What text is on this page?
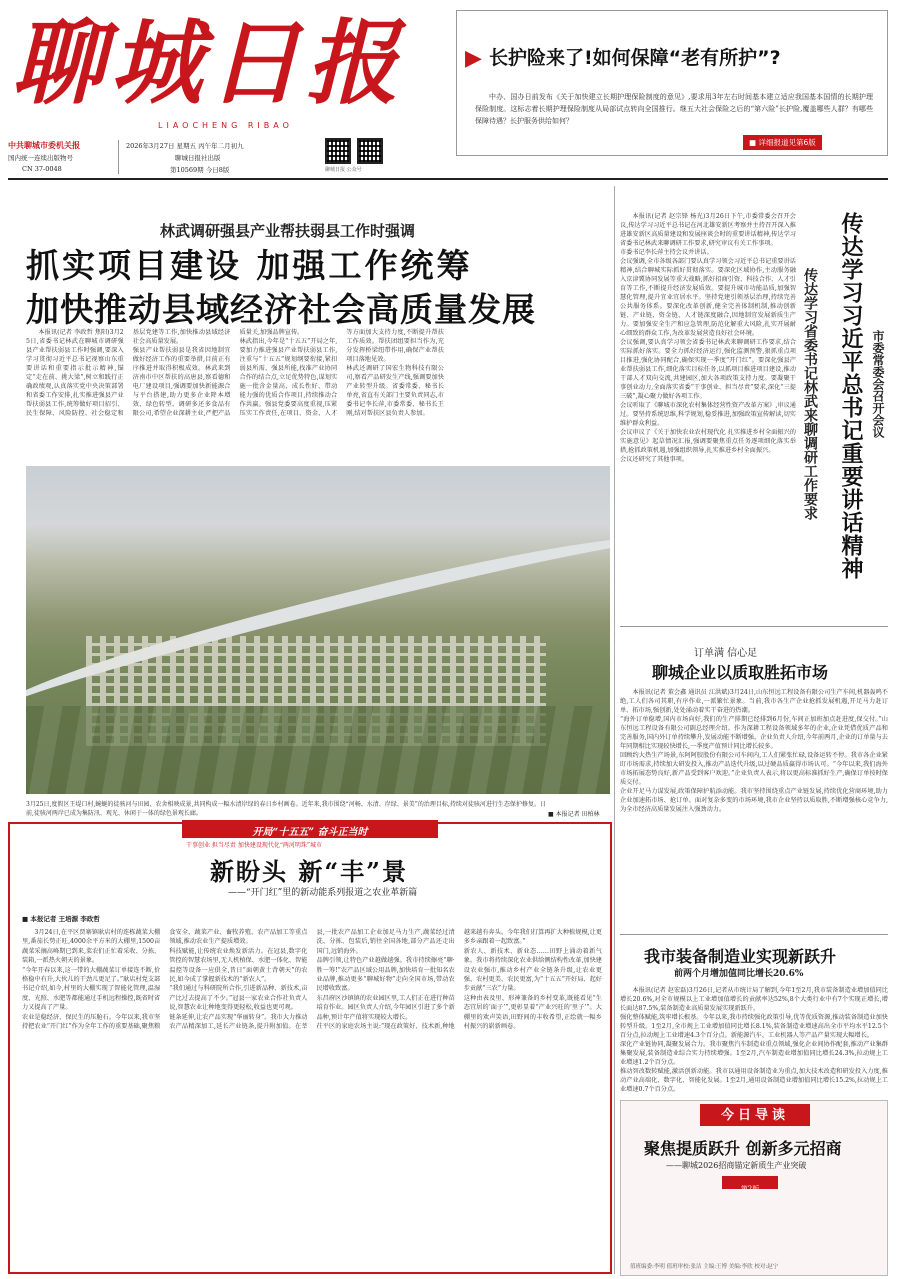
聊城日报
LIAOCHENG RIBAO
中共聊城市委机关报
国内统一连续出版物号
CN 37-0048
2026年3月27日 星期五 丙午年二月初九
聊城日报社出版
第10569期 今日8版	聊城日报 公众号
▶ 长护险来了!如何保障“老有所护”?
中办、国办日前发布《关于加快建立长期护理保险制度的意见》,要求用3年左右时间基本建立适应我国基本国情的长期护理保险制度。这标志着长期护理保险制度从局部试点转向全国推行。继五大社会保险之后的“第六险”长护险,覆盖哪些人群？有哪些保障待遇？长护服务供给如何？
■ 详细报道见第6版
林武调研强县产业帮扶弱县工作时强调
抓实项目建设 加强工作统筹
加快推动县域经济社会高质量发展
本报讯(记者 李政哲 焦阳)3月25日,省委书记林武在聊城市调研强县产业帮扶弱县工作时强调,要深入学习贯彻习近平总书记视察山东重要讲话和重要指示批示精神,锚定“走在前、挑大梁”,树立和践行正确政绩观,认真落实党中央决策部署和省委工作安排,扎实推进强县产业帮扶弱县工作,统筹做好项目招引、民生保障、风险防控、社会稳定和基层党建等工作,加快推动县域经济社会高质量发展。
强县产业帮扶弱县是我省因地制宜做好经济工作的重要举措,目前正有序推进并取得积极成效。林武来到济南市中区帮扶的高唐县,察看德和电厂建设项目,强调要加快新能源合与平台搭建,助力更多企业降本增效、绿色转型。调研多还多食品有限公司,希望企业深耕主业,严把产品质量关,加强品牌宣传。
林武指出,今年是“十五五”开局之年,要加力推进强县产业帮扶弱县工作,注重与“十五五”规划纲要衔接,紧扣弱县所需、强县所能,找准产业协同合作的结合点,立足优势特色,谋划实施一批含金量高、成长性好、带动能力强的优质合作项目,持续推动合作共赢。强县党委要高度重视,压紧压实工作责任,在项目、资金、人才等方面加大支持力度,不断提升帮扶工作质效。帮扶团组要担当作为,充分发挥桥梁纽带作用,确保产业帮扶项目落地见效。
林武还调研了国宏生物科技有限公司,察看产品研发生产线,强调要加快产业转型升级。省委常委、秘书长单亮,省直有关部门主要负责同志,市委书记李长萍,市委常委、秘书长王刚,结对帮扶区县负责人参加。
3月25日,度假区王堤口村,蜿蜒的徒骇河与田园、农舍相映成景,共同构成一幅水清岸绿的春日乡村画卷。近年来,我市围绕“河畅、水清、岸绿、景美”的治理目标,持续对徒骇河进行生态保护修复。日前,徒骇河两岸已成为集防汛、观光、休闲于一体的绿色景观长廊。	■ 本报记者 田柏林
开局“十五五” 奋斗正当时
干事创业 担当尽责 加快建设现代化“两河明珠”城市
新盼头 新“丰”景
——“开门红”里的新动能系列报道之农业革新篇
■ 本报记者 王培源 李政哲
3月24日,在平区贾寨镇耿店村的连栋蔬菜大棚里,番茄长势正旺,4000余平方米的大棚里,1500亩蔬菜采摘高峰期已到来,菜农们正忙着采收、分拣、装箱,一派热火朝天的景象。
“今年开春以来,这一带的大棚蔬菜订单接连不断,价格稳中有升,大伙儿的干劲儿更足了。”耿店村党支部书记介绍,如今,村里的大棚实现了智能化管理,温湿度、光照、水肥等都能通过手机远程操控,既省时省力又提高了产量。
农业是稳经济、保民生的压舱石。今年以来,我市坚持把农业“开门红”作为全年工作的重要基础,聚焦粮食安全、蔬菜产业、畜牧养殖、农产品加工等重点领域,推动农业生产提质增效。
科技赋能,让传统农业焕发新活力。在冠县,数字化管控的智慧农场里,无人机植保、水肥一体化、智能温控等设备一应俱全,昔日“面朝黄土背朝天”的农民,如今成了掌握新技术的“新农人”。
“我们通过与科研院所合作,引进新品种、新技术,亩产比过去提高了不少。”冠县一家农业合作社负责人说,智慧农业让种地变得更轻松,收益也更可观。
链条延伸,让农产品实现“华丽转身”。我市大力推动农产品精深加工,延长产业链条,提升附加值。在莘县,一批农产品加工企业加足马力生产,蔬菜经过清洗、分拣、包装后,销往全国各地,部分产品还走出国门,远销海外。
品牌引领,让特色产业越做越强。我市持续擦亮“聊·胜一筹!”农产品区域公用品牌,加快培育一批知名农业品牌,推动更多“聊城好物”走向全国市场,带动农民增收致富。
东昌府区沙镇镇的农业园区里,工人们正在进行种苗培育作业。园区负责人介绍,今年园区引进了多个新品种,预计年产值将实现较大增长。
茌平区的家庭农场主说:“现在政策好、技术新,种地越来越有奔头。今年我们打算再扩大种植规模,让更多乡亲跟着一起致富。”
新农人、新技术、新业态……田野上涌动着新气象。我市将持续深化农业供给侧结构性改革,加快建设农业强市,推动乡村产业全链条升级,让农业更强、农村更美、农民更富,为“十五五”开好局、起好步贡献“三农”力量。
这种由表及里、形神兼备的乡村变革,既能看见“生态宜居的‘面子’”,更彰显着“产业兴旺的‘里子’”。大棚里的欢声笑语,田野间的丰收希望,正绘就一幅乡村振兴的崭新画卷。
传达学习习近平总书记重要讲话精神
传达学习省委书记林武来聊调研工作要求	市委常委会召开会议
本报讯(记者 赵宗锋 杨光)3月26日下午,市委常委会召开会议,传达学习习近平总书记在河北雄安新区考察并主持召开深入推进雄安新区高质量建设和发展座谈会时的重要讲话精神,传达学习省委书记林武来聊调研工作要求,研究审议有关工作事项。
市委书记李长萍主持会议并讲话。
会议强调,全市各级各部门要认真学习领会习近平总书记重要讲话精神,结合聊城实际抓好贯彻落实。要深化区域协作,主动服务融入京津冀协同发展等重大战略,抓好招商引资、科技合作、人才引育等工作,不断提升经济发展质效。要提升城市功能品质,加强智慧化管理,提升宜业宜居水平。坚持党建引领基层治理,持续完善公共服务体系。要深化改革创新,健全完善体制机制,推动创新链、产业链、资金链、人才链深度融合,因地制宜发展新质生产力。要加强安全生产和应急管理,防范化解重大风险,扎实开展耐心细致的群众工作,为改革发展营造良好社会环境。
会议强调,要认真学习领会省委书记林武来聊调研工作要求,结合实际抓好落实。要全力抓好经济运行,强化监测预警,狠抓重点项目推进,强化协同配合,确保实现一季度“开门红”。要深化强县产业帮扶弱县工作,细化落实目标任务,以抓项目推进项目建设,推动干部人才双向交流,共建园区,加大各项政策支持力度。要凝聚干事创业动力,全面落实省委“干事创业、担当尽责”要求,深化“三提三破”,凝心聚力做好各项工作。
会议听取了《聊城市深化农村集体经营性资产改革方案》,审议通过。要坚持系统思维,科学规划,稳妥推进,加强政策宣传解读,切实维护群众利益。
会议审议了《关于加快农业农村现代化 扎实推进乡村全面振兴的实施意见》起草情况汇报,强调要聚焦重点任务逐项细化落实举措,抢抓政策机遇,加强组织领导,扎实推进乡村全面振兴。
会议还研究了其他事项。
订单满 信心足
聊城企业以质取胜拓市场
本报讯(记者 董会鑫 通讯员 江洪斌)3月24日,山东恒远工程设备有限公司生产车间,机器轰鸣不绝,工人们各司其职,有序作业,一派繁忙景象。当前,我市各生产企业抢抓发展机遇,开足马力赶订单、拓市场,强创新,处处涌动着实干奋进的热潮。
“海外订单稳增,国内市场向好,我们的生产排期已经排到6月份,车间正加班加点赶进度,保交付。”山东恒远工程设备有限公司副总经理介绍。作为深耕工程设备领域多年的企业,企业凭借优质产品和完善服务,国内外订单持续攀升,发展动能不断增强。企业负责人介绍,今年前两月,企业的订单量与去年同期相比实现较快增长,一季度产值预计同比增长较多。
回顾约大热生产场景,东阿阿胶股份有限公司车间内,工人们紧张忙碌,设备运转不停。我市各企业紧盯市场需求,持续加大研发投入,推动产品迭代升级,以过硬品质赢得市场认可。“今年以来,我们海外市场拓展态势良好,新产品受到客户欢迎。”企业负责人表示,将以更高标准抓好生产,确保订单按时保质交付。
企业开足马力谋发展,政策保障护航添动能。我市坚持围绕重点产业链发展,持续优化营商环境,助力企业加速拓市场、抢订单。面对复杂多变的市场环境,我市企业坚持以质取胜,不断增强核心竞争力,为全市经济高质量发展注入强劲动力。
我市装备制造业实现新跃升
前两个月增加值同比增长20.6%
本报讯(记者 赵宏磊)3月26日,记者从市统计局了解到,今年1至2月,我市装备制造业增加值同比增长20.6%,对全市规模以上工业增加值增长的贡献率达52%,8个大类行业中有7个实现正增长,增长面达87.5%,装备制造业高质量发展实现新跃升。
强化整体赋能,筑牢增长根基。今年以来,我市持续强化政策引导,优等优质资源,推动装备制造业加快转型升级。1至2月,全市规上工业增加值同比增长8.1%,装备制造业增速高出全市平均水平12.5个百分点,拉动规上工业增速4.3个百分点。新能源汽车、工业机器人等产品产量实现大幅增长。
深化产业链协同,凝聚发展合力。我市聚焦汽车制造业重点领域,强化企业间协作配套,推动产业集群集聚发展,装备制造业综合实力持续增强。1至2月,汽车制造业增加值同比增长24.3%,拉动规上工业增速1.2个百分点。
推动智改数转赋能,激活创新动能。我市以通用设备制造业为重点,加大技术改造和研发投入力度,推动产业高端化、数字化、智能化发展。1至2月,通用设备制造业增加值同比增长15.2%,拉动规上工业增速0.7个百分点。
今日导读
聚焦提质跃升 创新多元招商
——聊城2026招商锚定新质生产业突破
第2版
值班编委:李明 值班审校:张洁 主编:王博 美编:李欣 校对:赵宁
